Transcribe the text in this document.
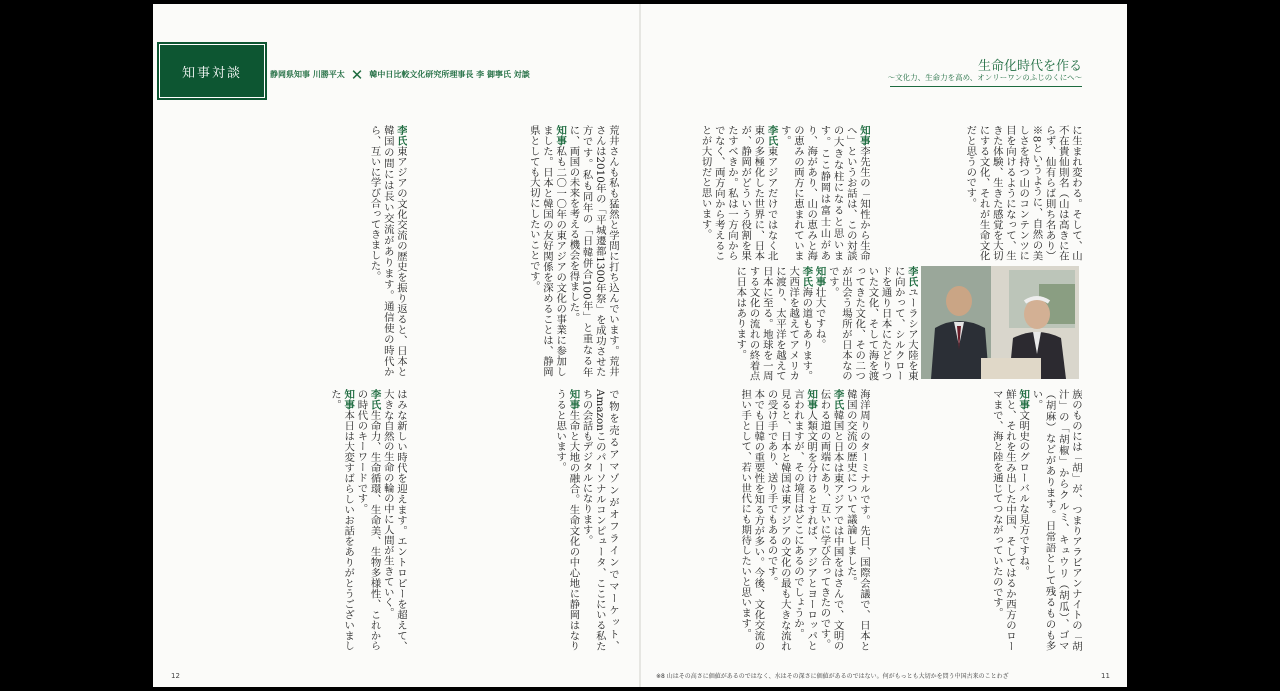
知事対談	静岡県知事 川勝平太 ✕ 韓中日比較文化研究所理事長 李 御寧氏 対談
生命化時代を作る
〜文化力、生命力を高め、オンリーワンのふじのくにへ〜
に生まれ変わる。そして、山不在貴仙則名（山は高きに在らず、仙有らば則ち名あり）※8というように、自然の美しさを持つ山のコンテンツに目を向けるようになって、生きた体験、生きた感覚を大切にする文化、それが生命文化だと思うのです。

知事李先生の「知性から生命へ」というお話は、この対談の大きな柱になると思います。ここ静岡は富士山があり、海があり、山の恵みと海の恵みの両方に恵まれています。
李氏東アジアだけではなく北東の多極化した世界に、日本が、静岡がどういう役割を果たすべきか。私は一方向からでなく、両方向から考えることが大切だと思います。

李氏ユーラシア大陸を東に向かって、シルクロードを通り日本にたどりついた文化、そして海を渡ってきた文化、その二つが出会う場所が日本なのです。
知事壮大ですね。
李氏海の道もあります。大西洋を越えてアメリカに渡り、太平洋を越えて日本に至る。地球を一周する文化の流れの終着点に日本はあります。

族のものには「胡」が、つまりアラビアンナイトの「胡汁」の「胡椒」からクルミ、キュウリ（胡瓜）、ゴマ（胡麻）などがあります。日常語として残るものも多い。
知事文明史のグローバルな見方ですね。
鮮と、それを生み出した中国、そしてはるか西方のローマまで、海と陸を通じてつながっていたのです。

海洋周りのターミナルです。先日、国際会議で、日本と韓国の交流の歴史について議論しました。
李氏韓国と日本は東アジアでは中国をはさんで、文明の伝わる道の両端にあり、互いに学び合ってきたのです。
知事人類文明を分けるとすれば、アジアとヨーロッパと言われますが、その境目はどこにあるのでしょうか。
見ると、日本と韓国は東アジアの文化の最も大きな流れの受け手であり、送り手でもあるのです。
本でも日韓の重要性を知る方が多い。今後、文化交流の担い手として、若い世代にも期待したいと思います。

荒井さんも私も猛然と学問に打ち込んでいます。荒井さんは2010年の「平城遷都1300年祭」を成功させた方です。私も同年の「日韓併合100年」と重なる年に、両国の未来を考える機会を得ました。
知事私も二〇一〇年の東アジアの文化の事業に参加しました。日本と韓国の友好関係を深めることは、静岡県としても大切にしたいことです。

李氏東アジアの文化交流の歴史を振り返ると、日本と韓国の間には長い交流があります。通信使の時代から、互いに学び合ってきました。

で物を売るアマゾンがオフラインでマーケット、Amazonこのパーソナルコンピュータ、ここにいる私たちの会話もデジタルになります。
知事生命と大地の融合。生命文化の中心地に静岡はなりうると思います。

はみな新しい時代を迎えます。エントロピーを超えて、大きな自然の生命の輪の中に人間が生きていく。
李氏生命力、生命循環、生命美、生物多様性、これからの時代のキーワードです。
知事本日は大変すばらしいお話をありがとうございました。

12	11
※8 山はその高さに価値があるのではなく、水はその深さに価値があるのではない。何がもっとも大切かを問う中国古来のことわざ
